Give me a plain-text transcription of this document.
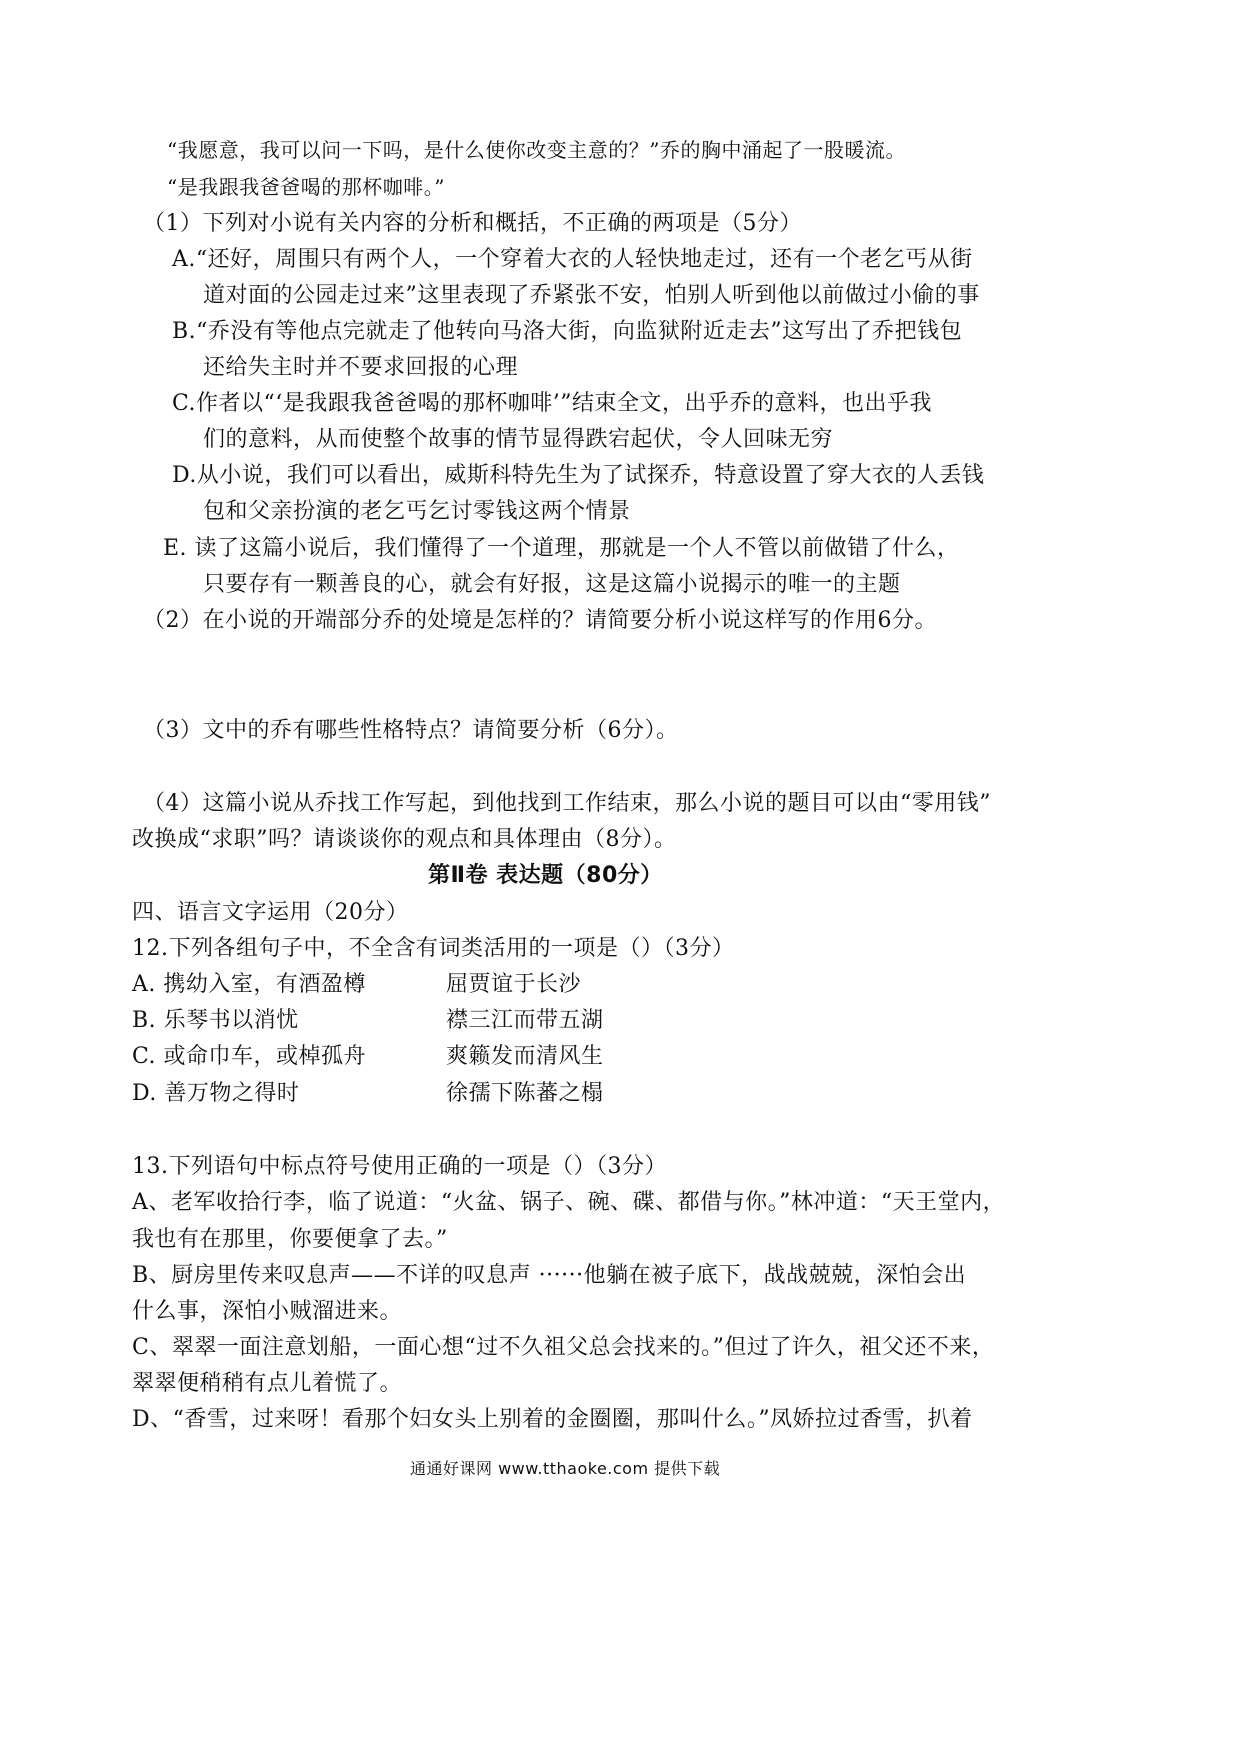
“我愿意，我可以问一下吗，是什么使你改变主意的？”乔的胸中涌起了一股暖流。
“是我跟我爸爸喝的那杯咖啡。”
（1）下列对小说有关内容的分析和概括，不正确的两项是（5分）
A.“还好，周围只有两个人，一个穿着大衣的人轻快地走过，还有一个老乞丐从街
道对面的公园走过来”这里表现了乔紧张不安，怕别人听到他以前做过小偷的事
B.“乔没有等他点完就走了他转向马洛大街，向监狱附近走去”这写出了乔把钱包
还给失主时并不要求回报的心理
C.作者以“‘是我跟我爸爸喝的那杯咖啡’”结束全文，出乎乔的意料，也出乎我
们的意料，从而使整个故事的情节显得跌宕起伏，令人回味无穷
D.从小说，我们可以看出，威斯科特先生为了试探乔，特意设置了穿大衣的人丢钱
包和父亲扮演的老乞丐乞讨零钱这两个情景
E. 读了这篇小说后，我们懂得了一个道理，那就是一个人不管以前做错了什么，
只要存有一颗善良的心，就会有好报，这是这篇小说揭示的唯一的主题
（2）在小说的开端部分乔的处境是怎样的？请简要分析小说这样写的作用6分。
（3）文中的乔有哪些性格特点？请简要分析（6分）。
（4）这篇小说从乔找工作写起，到他找到工作结束，那么小说的题目可以由“零用钱”
改换成“求职”吗？请谈谈你的观点和具体理由（8分）。
第Ⅱ卷 表达题（80分）
四、语言文字运用（20分）
12.下列各组句子中，不全含有词类活用的一项是（）（3分）
A. 携幼入室，有酒盈樽	屈贾谊于长沙
B. 乐琴书以消忧	襟三江而带五湖
C. 或命巾车，或棹孤舟	爽籁发而清风生
D. 善万物之得时	徐孺下陈蕃之榻
13.下列语句中标点符号使用正确的一项是（）（3分）
A、老军收拾行李，临了说道：“火盆、锅子、碗、碟、都借与你。”林冲道：“天王堂内，
我也有在那里，你要便拿了去。”
B、厨房里传来叹息声——不详的叹息声 ······他躺在被子底下，战战兢兢，深怕会出
什么事，深怕小贼溜进来。
C、翠翠一面注意划船，一面心想“过不久祖父总会找来的。”但过了许久，祖父还不来，
翠翠便稍稍有点儿着慌了。
D、“香雪，过来呀！看那个妇女头上别着的金圈圈，那叫什么。”凤娇拉过香雪，扒着
通通好课网 www.tthaoke.com 提供下载
